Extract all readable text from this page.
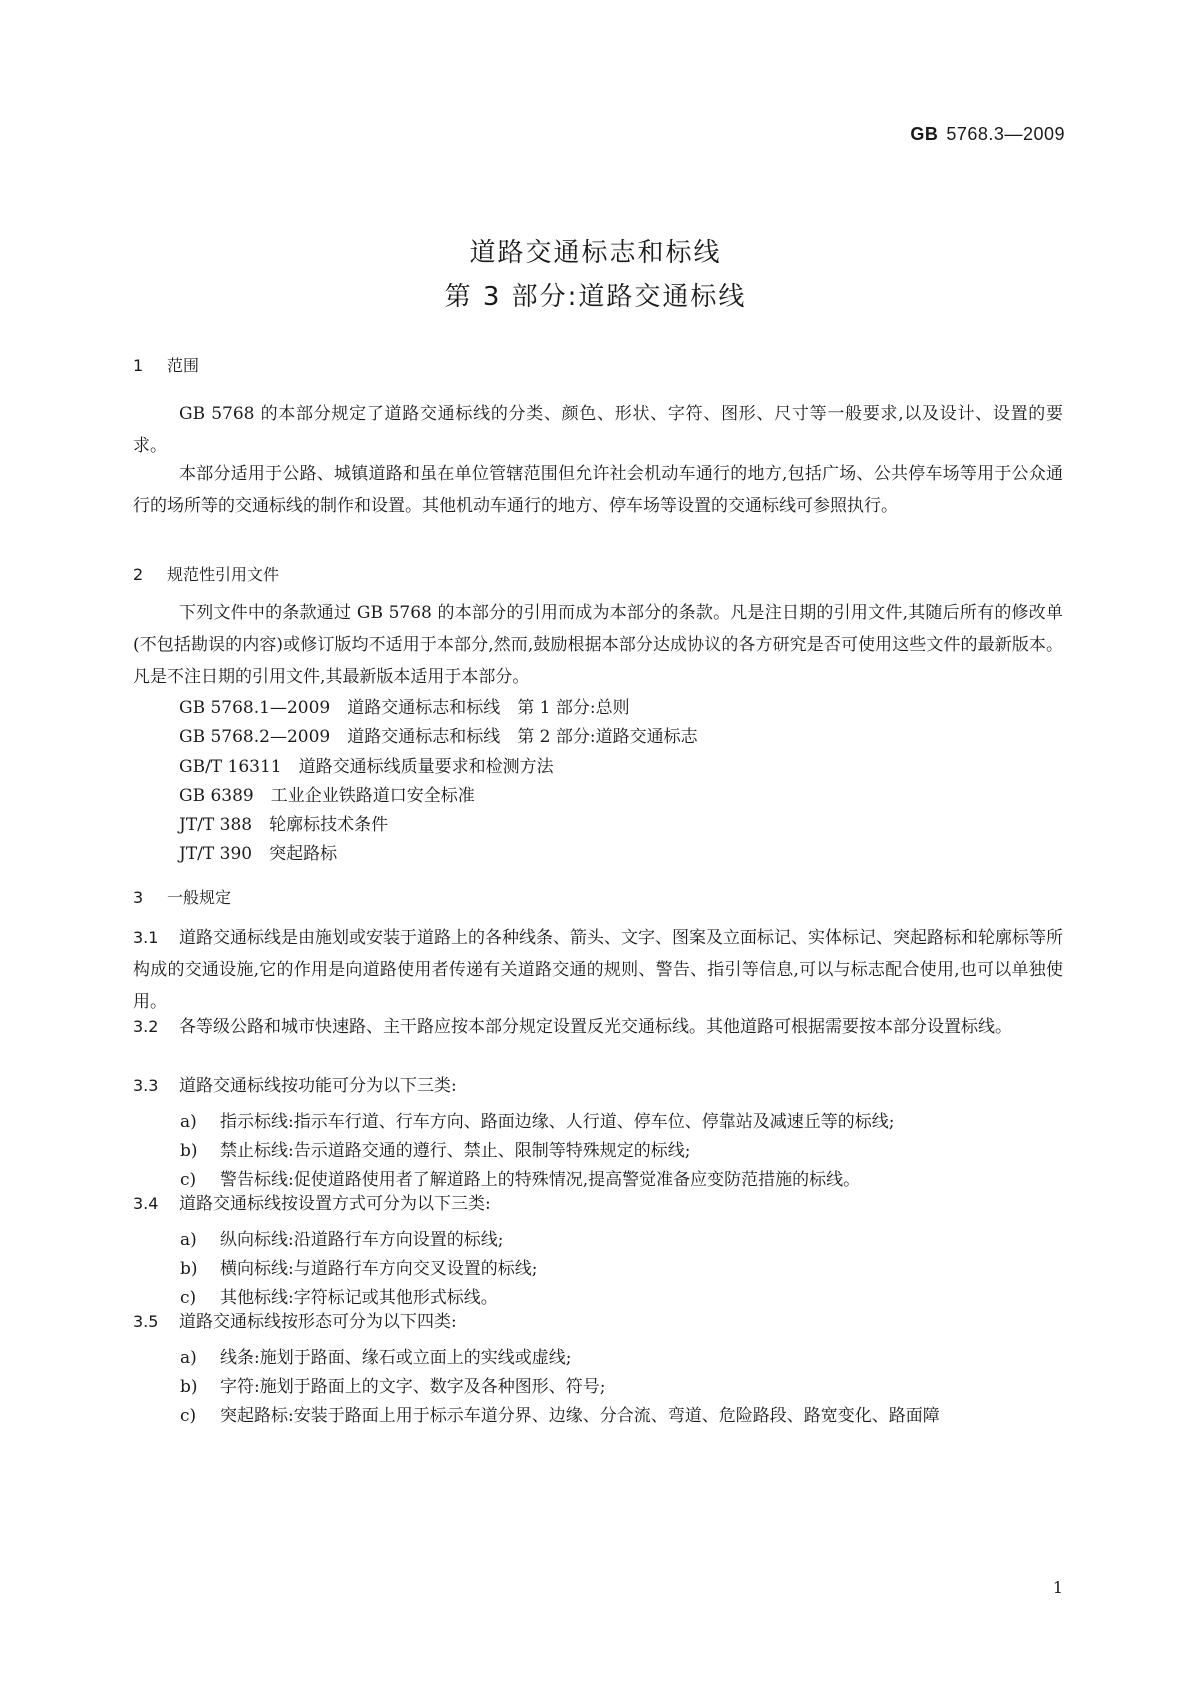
GB 5768.3—2009
道路交通标志和标线
第 3 部分:道路交通标线
1 范围
GB 5768 的本部分规定了道路交通标线的分类、颜色、形状、字符、图形、尺寸等一般要求,以及设计、设置的要求。
本部分适用于公路、城镇道路和虽在单位管辖范围但允许社会机动车通行的地方,包括广场、公共停车场等用于公众通行的场所等的交通标线的制作和设置。其他机动车通行的地方、停车场等设置的交通标线可参照执行。
2 规范性引用文件
下列文件中的条款通过 GB 5768 的本部分的引用而成为本部分的条款。凡是注日期的引用文件,其随后所有的修改单(不包括勘误的内容)或修订版均不适用于本部分,然而,鼓励根据本部分达成协议的各方研究是否可使用这些文件的最新版本。凡是不注日期的引用文件,其最新版本适用于本部分。
GB 5768.1—2009　道路交通标志和标线　第 1 部分:总则
GB 5768.2—2009　道路交通标志和标线　第 2 部分:道路交通标志
GB/T 16311　道路交通标线质量要求和检测方法
GB 6389　工业企业铁路道口安全标准
JT/T 388　轮廓标技术条件
JT/T 390　突起路标
3 一般规定
3.1 道路交通标线是由施划或安装于道路上的各种线条、箭头、文字、图案及立面标记、实体标记、突起路标和轮廓标等所构成的交通设施,它的作用是向道路使用者传递有关道路交通的规则、警告、指引等信息,可以与标志配合使用,也可以单独使用。
3.2 各等级公路和城市快速路、主干路应按本部分规定设置反光交通标线。其他道路可根据需要按本部分设置标线。
3.3 道路交通标线按功能可分为以下三类:
a) 指示标线:指示车行道、行车方向、路面边缘、人行道、停车位、停靠站及减速丘等的标线;
b) 禁止标线:告示道路交通的遵行、禁止、限制等特殊规定的标线;
c) 警告标线:促使道路使用者了解道路上的特殊情况,提高警觉准备应变防范措施的标线。
3.4 道路交通标线按设置方式可分为以下三类:
a) 纵向标线:沿道路行车方向设置的标线;
b) 横向标线:与道路行车方向交叉设置的标线;
c) 其他标线:字符标记或其他形式标线。
3.5 道路交通标线按形态可分为以下四类:
a) 线条:施划于路面、缘石或立面上的实线或虚线;
b) 字符:施划于路面上的文字、数字及各种图形、符号;
c) 突起路标:安装于路面上用于标示车道分界、边缘、分合流、弯道、危险路段、路宽变化、路面障
1
